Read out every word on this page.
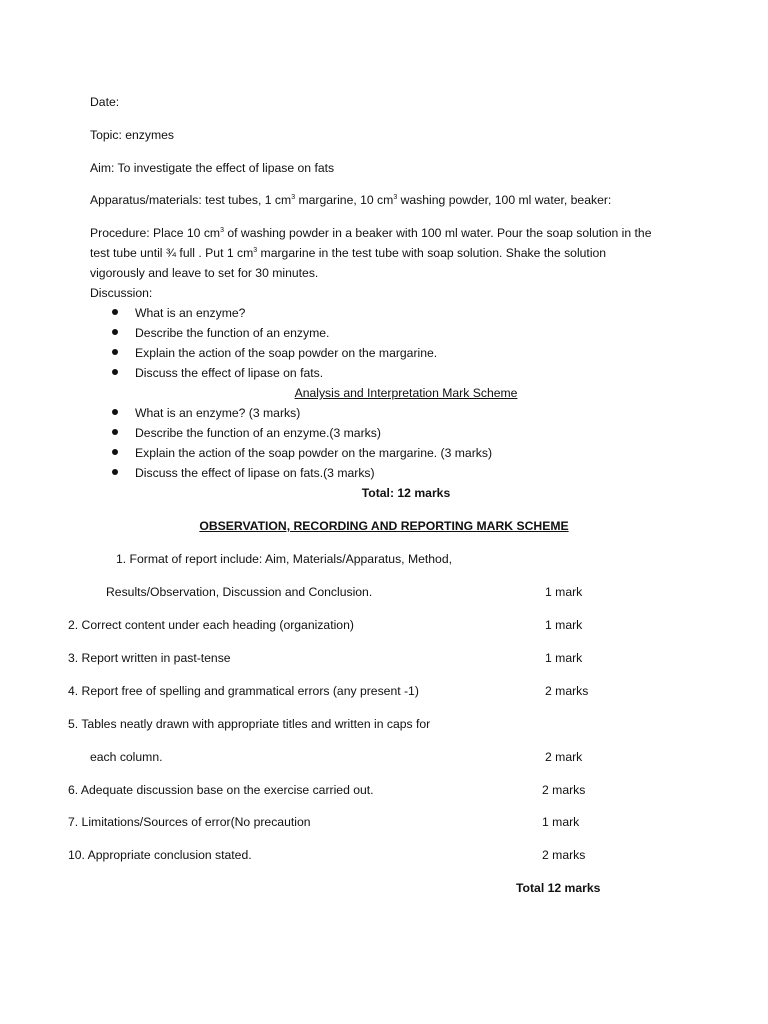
Date:
Topic: enzymes
Aim: To investigate the effect of lipase on fats
Apparatus/materials: test tubes, 1 $cm^3$ margarine, 10 $cm^3$ washing powder, 100 ml water, beaker:
Procedure: Place 10 $cm^3$ of washing powder in a beaker with 100 ml water. Pour the soap solution in the
test tube until ¾ full . Put 1 $cm^3$ margarine in the test tube with soap solution. Shake the solution
vigorously and leave to set for 30 minutes.
Discussion:
What is an enzyme?
Describe the function of an enzyme.
Explain the action of the soap powder on the margarine.
Discuss the effect of lipase on fats.
Analysis and Interpretation Mark Scheme
What is an enzyme? (3 marks)
Describe the function of an enzyme.(3 marks)
Explain the action of the soap powder on the margarine. (3 marks)
Discuss the effect of lipase on fats.(3 marks)
Total: 12 marks
OBSERVATION, RECORDING AND REPORTING MARK SCHEME
1. Format of report include: Aim, Materials/Apparatus, Method,
Results/Observation, Discussion and Conclusion.	1 mark
2. Correct content under each heading (organization)	1 mark
3. Report written in past-tense	1 mark
4. Report free of spelling and grammatical errors (any present -1)	2 marks
5. Tables neatly drawn with appropriate titles and written in caps for
each column.	2 mark
6. Adequate discussion base on the exercise carried out.	2 marks
7. Limitations/Sources of error(No precaution	1 mark
10. Appropriate conclusion stated.	2 marks
Total 12 marks
